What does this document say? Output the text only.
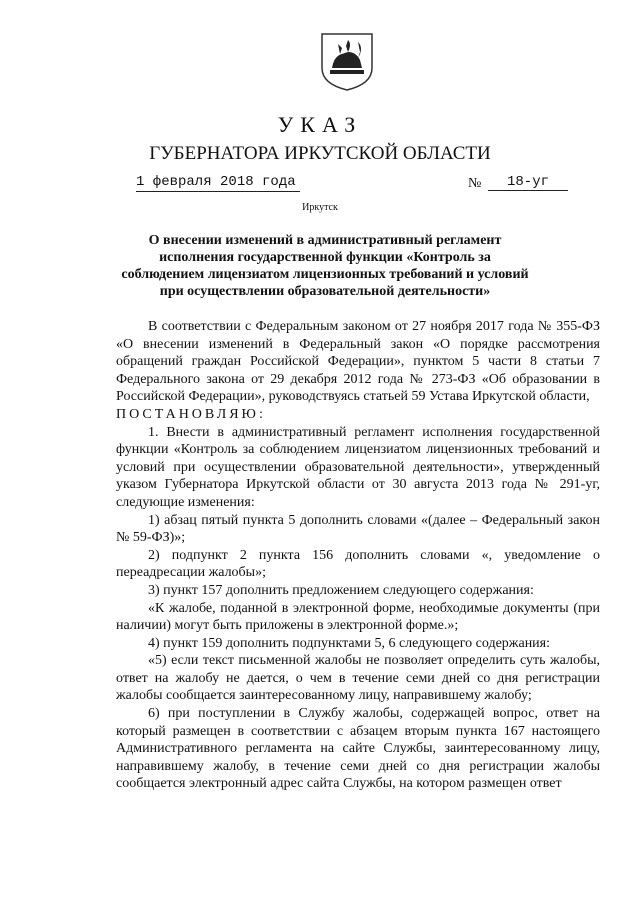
УКАЗ
ГУБЕРНАТОРА ИРКУТСКОЙ ОБЛАСТИ
1 февраля 2018 года	№	18-уг
Иркутск
О внесении изменений в административный регламент исполнения государственной функции «Контроль за соблюдением лицензиатом лицензионных требований и условий при осуществлении образовательной деятельности»

В соответствии с Федеральным законом от 27 ноября 2017 года № 355-ФЗ «О внесении изменений в Федеральный закон «О порядке рассмотрения обращений граждан Российской Федерации», пунктом 5 части 8 статьи 7 Федерального закона от 29 декабря 2012 года № 273-ФЗ «Об образовании в Российской Федерации», руководствуясь статьей 59 Устава Иркутской области,

ПОСТАНОВЛЯЮ:

1. Внести в административный регламент исполнения государственной функции «Контроль за соблюдением лицензиатом лицензионных требований и условий при осуществлении образовательной деятельности», утвержденный указом Губернатора Иркутской области от 30 августа 2013 года № 291-уг, следующие изменения:

1) абзац пятый пункта 5 дополнить словами «(далее – Федеральный закон № 59-ФЗ)»;

2) подпункт 2 пункта 156 дополнить словами «, уведомление о переадресации жалобы»;

3) пункт 157 дополнить предложением следующего содержания:

«К жалобе, поданной в электронной форме, необходимые документы (при наличии) могут быть приложены в электронной форме.»;

4) пункт 159 дополнить подпунктами 5, 6 следующего содержания:

«5) если текст письменной жалобы не позволяет определить суть жалобы, ответ на жалобу не дается, о чем в течение семи дней со дня регистрации жалобы сообщается заинтересованному лицу, направившему жалобу;

6) при поступлении в Службу жалобы, содержащей вопрос, ответ на который размещен в соответствии с абзацем вторым пункта 167 настоящего Административного регламента на сайте Службы, заинтересованному лицу, направившему жалобу, в течение семи дней со дня регистрации жалобы сообщается электронный адрес сайта Службы, на котором размещен ответ
